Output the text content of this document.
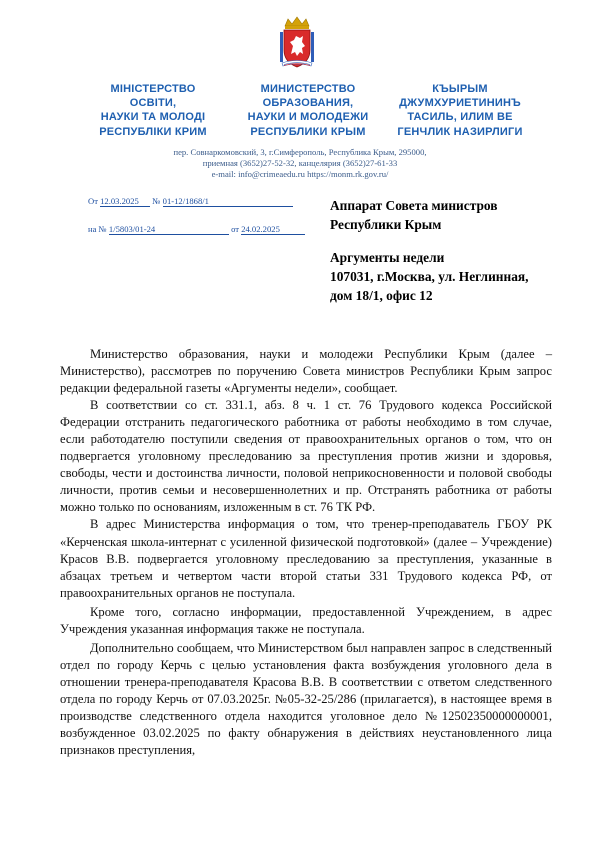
МІНІСТЕРСТВО
ОСВІТИ,
НАУКИ ТА МОЛОДІ
РЕСПУБЛІКИ КРИМ
МИНИСТЕРСТВО
ОБРАЗОВАНИЯ,
НАУКИ И МОЛОДЕЖИ
РЕСПУБЛИКИ КРЫМ
КЪЫРЫМ
ДЖУМХУРИЕТИНИНЪ
ТАСИЛЬ, ИЛИМ ВЕ
ГЕНЧЛИК НАЗИРЛИГИ
пер. Совнаркомовский, 3, г.Симферополь, Республика Крым, 295000,
приемная (3652)27-52-32, канцелярия (3652)27-61-33
e-mail: info@crimeaedu.ru https://monm.rk.gov.ru/
От 12.03.2025 № 01-12/1868/1
на № 1/5803/01-24	от 24.02.2025
Аппарат Совета министров
Республики Крым
Аргументы недели
107031, г.Москва, ул. Неглинная,
дом 18/1, офис 12

Министерство образования, науки и молодежи Республики Крым (далее – Министерство), рассмотрев по поручению Совета министров Республики Крым запрос редакции федеральной газеты «Аргументы недели», сообщает.

В соответствии со ст. 331.1, абз. 8 ч. 1 ст. 76 Трудового кодекса Российской Федерации отстранить педагогического работника от работы необходимо в том случае, если работодателю поступили сведения от правоохранительных органов о том, что он подвергается уголовному преследованию за преступления против жизни и здоровья, свободы, чести и достоинства личности, половой неприкосновенности и половой свободы личности, против семьи и несовершеннолетних и пр. Отстранять работника от работы можно только по основаниям, изложенным в ст. 76 ТК РФ.

В адрес Министерства информация о том, что тренер-преподаватель ГБОУ РК «Керченская школа-интернат с усиленной физической подготовкой» (далее – Учреждение) Красов В.В. подвергается уголовному преследованию за преступления, указанные в абзацах третьем и четвертом части второй статьи 331 Трудового кодекса РФ, от правоохранительных органов не поступала.

Кроме того, согласно информации, предоставленной Учреждением, в адрес Учреждения указанная информация также не поступала.

Дополнительно сообщаем, что Министерством был направлен запрос в следственный отдел по городу Керчь с целью установления факта возбуждения уголовного дела в отношении тренера-преподавателя Красова В.В. В соответствии с ответом следственного отдела по городу Керчь от 07.03.2025г. №05-32-25/286 (прилагается), в настоящее время в производстве следственного отдела находится уголовное дело №12502350000000001, возбужденное 03.02.2025 по факту обнаружения в действиях неустановленного лица признаков преступления,
